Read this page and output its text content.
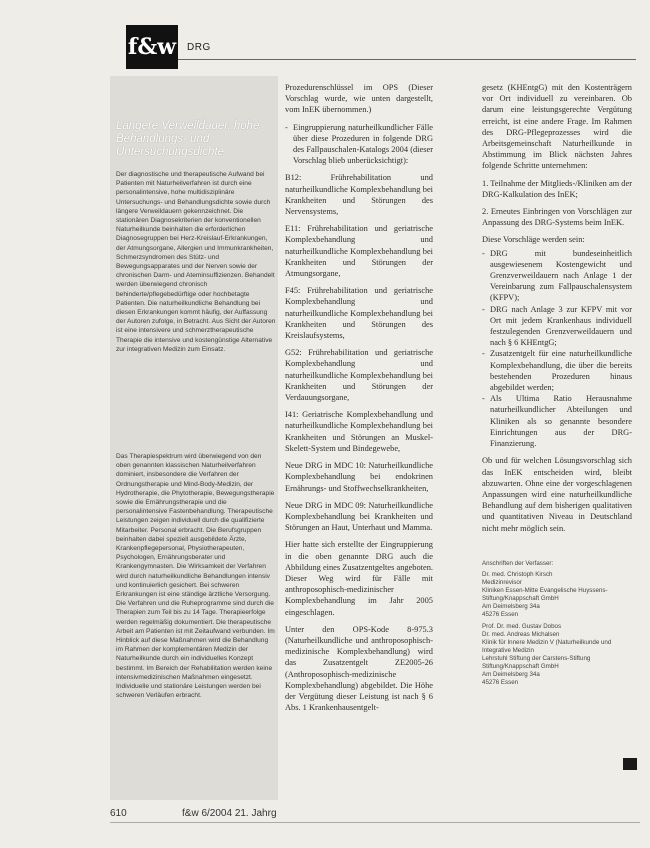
f&w DRG
Längere Verweildauer, hohe Behandlungs- und Untersuchungsdichte
Der diagnostische und therapeutische Aufwand bei Patienten mit Naturheilverfahren ist durch eine personalintensive, hohe multidisziplinäre Untersuchungs- und Behandlungsdichte sowie durch längere Verweildauern gekennzeichnet. Die stationären Diagnosekriterien der konventionellen Naturheilkunde beinhalten die erforderlichen Diagnosegruppen bei Herz-Kreislauf-Erkrankungen, der Atmungsorgane, Allergien und Immunkrankheiten, Schmerzsyndromen des Stütz- und Bewegungsapparates und der Nerven sowie der chronischen Darm- und Ateminsuffizienzen. Behandelt werden überwiegend chronisch behinderte/pflegebedürftige oder hochbetagte Patienten. Die naturheilkundliche Behandlung bei diesen Erkrankungen kommt häufig, der Auffassung der Autoren zufolge, in Betracht. Aus Sicht der Autoren ist eine intensivere und schmerztherapeutische Therapie die intensive und kostengünstige Alternative zur integrativen Medizin zum Einsatz.
Das Therapiespektrum wird überwiegend von den oben genannten klassischen Naturheilverfahren dominiert, insbesondere die Verfahren der Ordnungstherapie und Mind-Body-Medizin, der Hydrotherapie, die Phytotherapie, Bewegungstherapie sowie die Ernährungstherapie und die personalintensive Fastenbehandlung. Therapeutische Leistungen zeigen individuell durch die qualifizierte Mitarbeiter. Personal erbracht. Die Berufsgruppen beinhalten dabei speziell ausgebildete Ärzte, Krankenpflegepersonal, Physiotherapeuten, Psychologen, Ernährungsberater und Krankengymnasten. Die Wirksamkeit der Verfahren wird durch naturheilkundliche Behandlungen intensiv und kontinuierlich gesichert. Bei schweren Erkrankungen ist eine ständige ärztliche Versorgung. Die Verfahren und die Ruheprogramme sind durch die Therapien zum Teil bis zu 14 Tage. Therapieerfolge werden regelmäßig dokumentiert. Die therapeutische Arbeit am Patienten ist mit Zeitaufwand verbunden. Im Hinblick auf diese Maßnahmen wird die Behandlung im Rahmen der komplementären Medizin der Naturheilkunde durch ein individuelles Konzept bestimmt. Im Bereich der Rehabilitation werden keine intensivmedizinischen Maßnahmen eingesetzt. Individuelle und stationäre Leistungen werden bei schweren Verläufen erbracht.

Prozedurenschlüssel im OPS (Dieser Vorschlag wurde, wie unten dargestellt, vom InEK übernommen.)

- Eingruppierung naturheilkundlicher Fälle über diese Prozeduren in folgende DRG des Fallpauschalen-Katalogs 2004 (dieser Vorschlag blieb unberücksichtigt):

B12: Frührehabilitation und naturheilkundliche Komplexbehandlung bei Krankheiten und Störungen des Nervensystems,

E11: Frührehabilitation und geriatrische Komplexbehandlung und naturheilkundliche Komplexbehandlung bei Krankheiten und Störungen der Atmungsorgane,

F45: Frührehabilitation und geriatrische Komplexbehandlung und naturheilkundliche Komplexbehandlung bei Krankheiten und Störungen des Kreislaufsystems,

G52: Frührehabilitation und geriatrische Komplexbehandlung und naturheilkundliche Komplexbehandlung bei Krankheiten und Störungen der Verdauungsorgane,

I41: Geriatrische Komplexbehandlung und naturheilkundliche Komplexbehandlung bei Krankheiten und Störungen an Muskel-Skelett-System und Bindegewebe,

Neue DRG in MDC 10: Naturheilkundliche Komplexbehandlung bei endokrinen Ernährungs- und Stoffwechselkrankheiten,

Neue DRG in MDC 09: Naturheilkundliche Komplexbehandlung bei Krankheiten und Störungen an Haut, Unterhaut und Mamma.

Hier hatte sich erstellte der Eingruppierung in die oben genannte DRG auch die Abbildung eines Zusatzentgeltes angeboten. Dieser Weg wird für Fälle mit anthroposophisch-medizinischer Komplexbehandlung im Jahr 2005 eingeschlagen.

Unter den OPS-Kode 8-975.3 (Naturheilkundliche und anthroposophisch-medizinische Komplexbehandlung) wird das Zusatzentgelt ZE2005-26 (Anthroposophisch-medizinische Komplexbehandlung) abgebildet. Die Höhe der Vergütung dieser Leistung ist nach § 6 Abs. 1 Krankenhausentgelt-

gesetz (KHEntgG) mit den Kostenträgern vor Ort individuell zu vereinbaren. Ob darum eine leistungsgerechte Vergütung erreicht, ist eine andere Frage. Im Rahmen des DRG-Pflegeprozesses wird die Arbeitsgemeinschaft Naturheilkunde in Abstimmung im Blick nächsten Jahres folgende Schritte unternehmen:

1. Teilnahme der Mitglieds-/Kliniken am der DRG-Kalkulation des InEK;

2. Erneutes Einbringen von Vorschlägen zur Anpassung des DRG-Systems beim InEK.

Diese Vorschläge werden sein:

- DRG mit bundeseinheitlich ausgewiesenem Kostengewicht und Grenzverweildauern nach Anlage 1 der Vereinbarung zum Fallpauschalensystem (KFPV);
- DRG nach Anlage 3 zur KFPV mit vor Ort mit jedem Krankenhaus individuell festzulegenden Grenzverweildauern und nach § 6 KHEntgG;
- Zusatzentgelt für eine naturheilkundliche Komplexbehandlung, die über die bereits bestehenden Prozeduren hinaus abgebildet werden;
- Als Ultima Ratio Herausnahme naturheilkundlicher Abteilungen und Kliniken als so genannte besondere Einrichtungen aus der DRG-Finanzierung.

Ob und für welchen Lösungsvorschlag sich das InEK entscheiden wird, bleibt abzuwarten. Ohne eine der vorgeschlagenen Anpassungen wird eine naturheilkundliche Behandlung auf dem bisherigen qualitativen und quantitativen Niveau in Deutschland nicht mehr möglich sein.

Anschriften der Verfasser:
Dr. med. Christoph Kirsch
Medizinrevisor
Kliniken Essen-Mitte Evangelische Huyssens-
Stiftung/Knappschaft GmbH
Am Deimelsberg 34a
45276 Essen
Prof. Dr. med. Gustav Dobos
Dr. med. Andreas Michalsen
Klinik für Innere Medizin V (Naturheilkunde und
Integrative Medizin
Lehrstuhl Stiftung der Carstens-Stiftung
Stiftung/Knappschaft GmbH
Am Deimelsberg 34a
45276 Essen
610	f&w 6/2004 21. Jahrg
